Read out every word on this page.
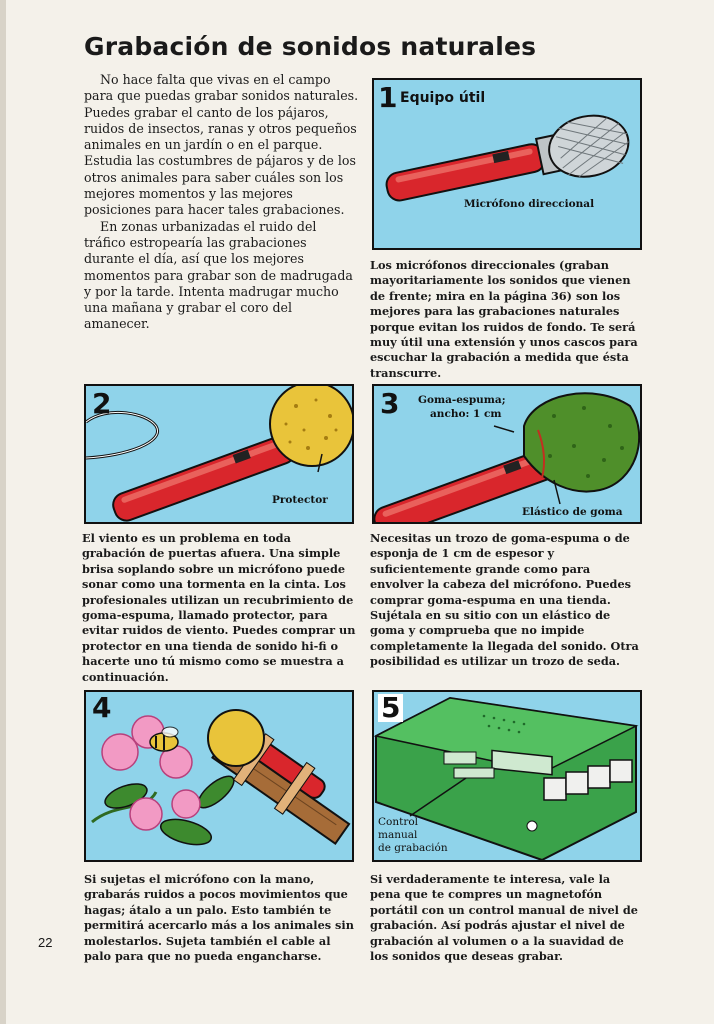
Grabación de sonidos naturales

No hace falta que vivas en el campo para que puedas grabar sonidos naturales. Puedes grabar el canto de los pájaros, ruidos de insectos, ranas y otros pequeños animales en un jardín o en el parque. Estudia las costumbres de pájaros y de los otros animales para saber cuáles son los mejores momentos y las mejores posiciones para hacer tales grabaciones.

En zonas urbanizadas el ruido del tráfico estropearía las grabaciones durante el día, así que los mejores momentos para grabar son de madrugada y por la tarde. Intenta madrugar mucho una mañana y grabar el coro del amanecer.

1 Equipo útil
Micrófono direccional
Los micrófonos direccionales (graban mayoritariamente los sonidos que vienen de frente; mira en la página 36) son los mejores para las grabaciones naturales porque evitan los ruidos de fondo. Te será muy útil una extensión y unos cascos para escuchar la grabación a medida que ésta transcurre.
2
Protector
3 Goma-espuma;
ancho: 1 cm
Elástico de goma
El viento es un problema en toda grabación de puertas afuera. Una simple brisa soplando sobre un micrófono puede sonar como una tormenta en la cinta. Los profesionales utilizan un recubrimiento de goma-espuma, llamado protector, para evitar ruidos de viento. Puedes comprar un protector en una tienda de sonido hi-fi o hacerte uno tú mismo como se muestra a continuación.
Necesitas un trozo de goma-espuma o de esponja de 1 cm de espesor y suficientemente grande como para envolver la cabeza del micrófono. Puedes comprar goma-espuma en una tienda. Sujétala en su sitio con un elástico de goma y comprueba que no impide completamente la llegada del sonido. Otra posibilidad es utilizar un trozo de seda.
4	5
Control
manual
de grabación
Si sujetas el micrófono con la mano, grabarás ruidos a pocos movimientos que hagas; átalo a un palo. Esto también te permitirá acercarlo más a los animales sin molestarlos. Sujeta también el cable al palo para que no pueda engancharse.
Si verdaderamente te interesa, vale la pena que te compres un magnetofón portátil con un control manual de nivel de grabación. Así podrás ajustar el nivel de grabación al volumen o a la suavidad de los sonidos que deseas grabar.
22
